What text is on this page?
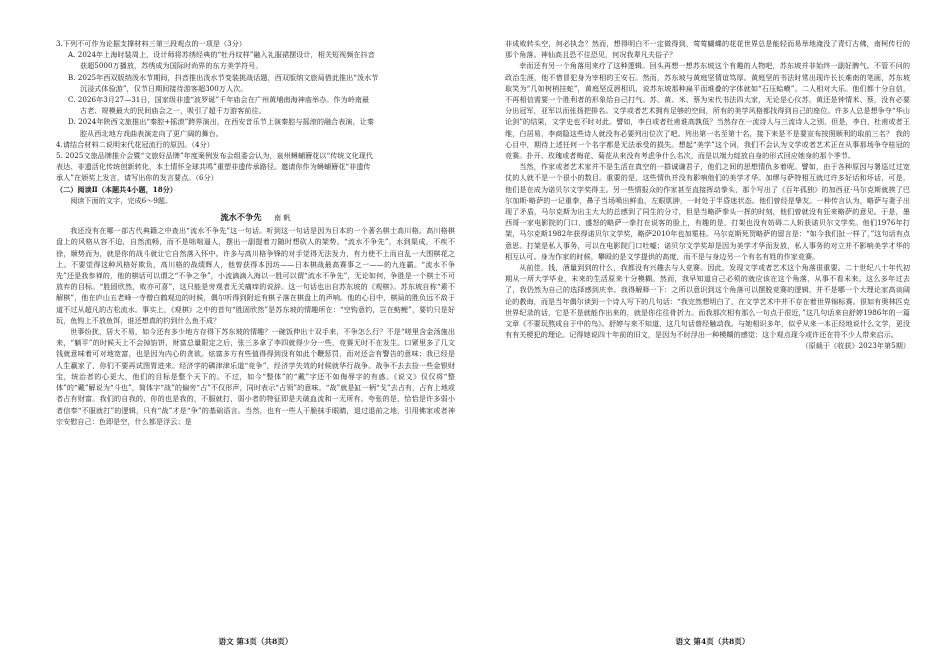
3.下列不可作为论据支撑材料三第三段观点的一项是（3分）

A. 2024年上海时装周上，设计师将苏绣经典的“牡丹纹样”融入礼服裙摆设计，相关短视频在抖音

获超5000万播放，苏绣成为国际时尚界的东方美学符号。

B. 2025年西双版纳泼水节期间，抖音推出泼水节变装挑战话题，西双版纳文旅局借此推出“泼水节

沉浸式体验游”，仅节日期间接待游客超300万人次。

C. 2026年3月27—31日，国家级非遗“波罗诞”千年庙会在广州黄埔南海神庙举办。作为岭南最

古老、规模最大的民间庙会之一，吸引了超千万游客前往。

D. 2024年陕西文旅推出“秦腔+摇滚”跨界演出，在西安音乐节上演秦腔与摇滚的融合表演，让秦

腔从西北地方戏曲表演走向了更广阔的舞台。

4.请结合材料二说明宋代花冠流行的原因。（4分）

5. 2025文旅品牌推介会暨“文旅好品牌”年度案例发布会组委会认为，泉州蟳蜅簪花以“传统文化现代

表达、非遗活化传统创新转化，本土情怀全球共鸣”重塑非遗传承路径。邀请你作为蟳蜅簪花“非遗传

承人”在颁奖上发言，请写出你的发言要点。（6分）

（二）阅读Ⅱ（本题共4小题，18分）

阅读下面的文字，完成6～9题。

流水不争先 南 帆

我还没有在哪一部古代典籍之中查出“流水不争先”这一句话。听到这一句话是因为日本的一个著名棋士高川格。高川格棋盘上的风格从容不迫，自然流畅，而不是咄咄逼人，摆出一副提着刀随时想砍人的架势。“流水不争先”，水到渠成，不疾不徐，顺势而为，就是你的战斗就让它自然落入怀中。许多与高川格争锋的对手觉得无法发力，有力使不上而自乱一大围棋花之上。不要觉得这种风格好欺负，高川格的战绩辉人，他曾获得本因坊——日本棋战最高赛事之一——的九连霸。“流水不争先”还是我参禅的，他的棋话可以谓之“不争之争”，小流滴滴入海以一胜可以谓“流水不争先”，无论如何，争胜是一个棋士不可放弃的目标。“胜固欣然，败亦可喜”，这只能是旁观者无关痛痒的说辞。这一句话也出自苏东坡的《观棋》。苏东坡自称“素不解棋”，他在庐山五老峰一寺僧白鹤观边的时候，偶尔听得到附近有棋子落在棋盘上的声响。他的心目中，棋局的胜负远不敌于道不过从超凡的古松流水。事实上，《观棋》之中的首句“胜固欣然”是苏东坡的情趣所在：“空钩意钓，岂在鲂鲤”，要钓只是好玩，鱼钩上不放鱼饵，谁还想真的钓到什么鱼不成？

世事纷扰，居大不易，如今还有多少地方存得下苏东坡的情趣？一碗饭伸出十双手来，不争怎么行？不是“嗟里含金汤施出来，“躺平”的时候天上不会掉馅饼，财富总量限定之后，张三多拿了李四就得少分一些，竞赛无时不在发生。口紧里多了几文钱就意味着可对地宽富，也是因为内心的贪欲。炫富多方有些值得得到没有如此个鞭惩罚，而对还会有警告的意味；我已经是人生赢家了，你们不要再试图胃进来。经济学的磷津津乐道“竞争”，经济学失效的时候就华行战争。战争不去去捡一些金银财宝，统治者的心更大，他们的目标是整个天下的。不过，如今“整体”的“戴”字还不如侮辱字的有惑。《说文》仅仅将“整体”的“戴”解说为“斗也”，简体字“战”的偏旁“占”不仅形声，同时表示“占领”的意味。“战”就是缸一柄“戈”去占有，占有上地或者占有财富。我们的自我的，你的也是我的，不服就打，弱小者的特征即是夫破血流和一无所有。夸张的是，恰恰是许多弱小者信奉“不服就打”的逻辑，只有“战”才是“争”的基础语言。当然，也有一些人干脆抹手眼睛，退过退前之地，引用佛家或者神宗安慰自己：色即是空，什么都是浮云；是

语文 第3页（共8页）

非成败转头空，何必执念？然而，想得明白不一定做得到，莺莺蝴蝶的花花世界总是能轻而易举地淹没了青灯古佛，南柯传行的那个角落。神仙高且恐不住恐见，何况我辈凡夫俗子？

幸而还有另一个角落用来疗了这种逻辑。回头再想一想苏东坡这个有趣的人物吧，苏东坡并非始终一副好脾气。不管不问的政治生涯，他不惜冒犯身为宰相的王安石。然而，苏东坡与黄庭坚情谊笃厚。黄庭坚的书法时常出现许长长难南的笔画，苏东坡取笑为“几如树梢挂蛇”，黄庭坚反唇相讥，说苏东坡那种扁平而堆叠的字体就如“石压蛤蟆”。二人相对大乐。他们都十分自信，不再相信需要一个胜利者的形象给自己打气。苏、黄、米、蔡为宋代书法四大家，无论是心仪苏，黄还是钟情米、蔡，没有必要分出冠军，亚军以而张扬把排名。文学或者艺术拥有足够的空间，所有的美学风格都找得到自己的座位。许多人总是想争夺“华山论剑”的结果，文学史也不时对此。譬如，李白或者杜甫谁高孰低？当然存在一流诗人与三流诗人之别，但是，李白，杜甫或者王维，白居易，李商隐这些诗人就没有必要列出位次了吧。列出第一名至第十名，接下来是不是要宣布按照顺利的取前三名？ 我的心目中，期待上述任何一个名字都是无法承受的损失。想起“美学”这个词，我们不会认为文学或者艺术正在从事那场争夺桂冠的竞赛。扑开、玫瑰或者梅花、菊花从来没有考虑争什么名次，而是以端力绽放自身的形式回应她身的那个季节。

当然，作家或者艺术家并不是生活在真空的一群诚谦君子，他们之间的思想情仇多着呢。譬如，由于各种原因与署巡过过宽仗的人就不是一个很小的数目。重要的是，这些情仇并没有影响他们的美学才华。加缪与萨特相互就过许多好话和坏话，可是，他们是在成为诺贝尔文学奖得主。另一些情报众的作家甚至直接挥动拳头，那个写出了《百年孤独》的加西亚·马尔克斯就挨了巴尔加斯·略萨的一记重拳，鼻子当场喷出鲜血，左眼肌肿，一时处于半昏迷状态。他们曾经是挚友。一种传言认为，略萨与妻子出现了矛盾，马尔克斯为出主大大的总感到了同生的分寸，但是当略萨拳头一挥的时刻，他们曾就没有狂来略萨的意见。于是，墨西哥一家电影院的门口，盛怒的略萨一拳打在说客的脸上，有趣的是，打架也没有妨碍二人斩获诺贝尔文学奖。他们1976年打架，马尔克斯1982年获得诺贝尔文学奖，略萨2010年也加冕桂。马尔克斯死贺略萨的留言是：“如今我们扯一样了，”这句话有点意思。打架是私人事务，可以在电影院门口吐嘘；诺贝尔文学奖却是因为美学才华而发放，私人事务的对立并不影响美学才华的相互认可。身为作家的时候，攀殴的是文学提供的高度，而不是与身边另一个有名有姓的作家竞赛。

从前佳，钱，酒量到到的什么，我都没有兴趣去与人竞赛。因此，发现文学或者艺术这个角落很重要。二十世纪八十年代初期从一所大学毕业，未来的生活原来十分模糊。然而，我早知道自己必须的就应该在这个角落，从事不看未来。这么多年过去了，我仍然为自己的选择感到庆幸。我得解释一下：之所以意识到这个角落可以摆脱竞赛的逻辑，并不是哪一个大理论家高谈阔论的教诲，而是当年偶尔读到一个诗人写下的几句话：“我完然想明白了，在文学艺术中并不存在着世界锦标赛。很如有奥林匹克世界纪录的话，它是不是就能作出来的，就是你往往骨折力。而我那次相有那么一句点于很近，”这几句话来自舒婷1986年的一篇文章《不要玩熬成自于中的鸟》。舒婷与来不知道，这几句话曾经触动我。与她相识多年，似乎从来一本正经地说什么文学，更没有有关梗犯的理论。记得她说四十年前的旧文，是因为不时浮出一种模糊的感觉：这个观点现今或许还在符不少人带来启示。

（原载于《收获》2023年第5期）

语文 第4页（共8页）
